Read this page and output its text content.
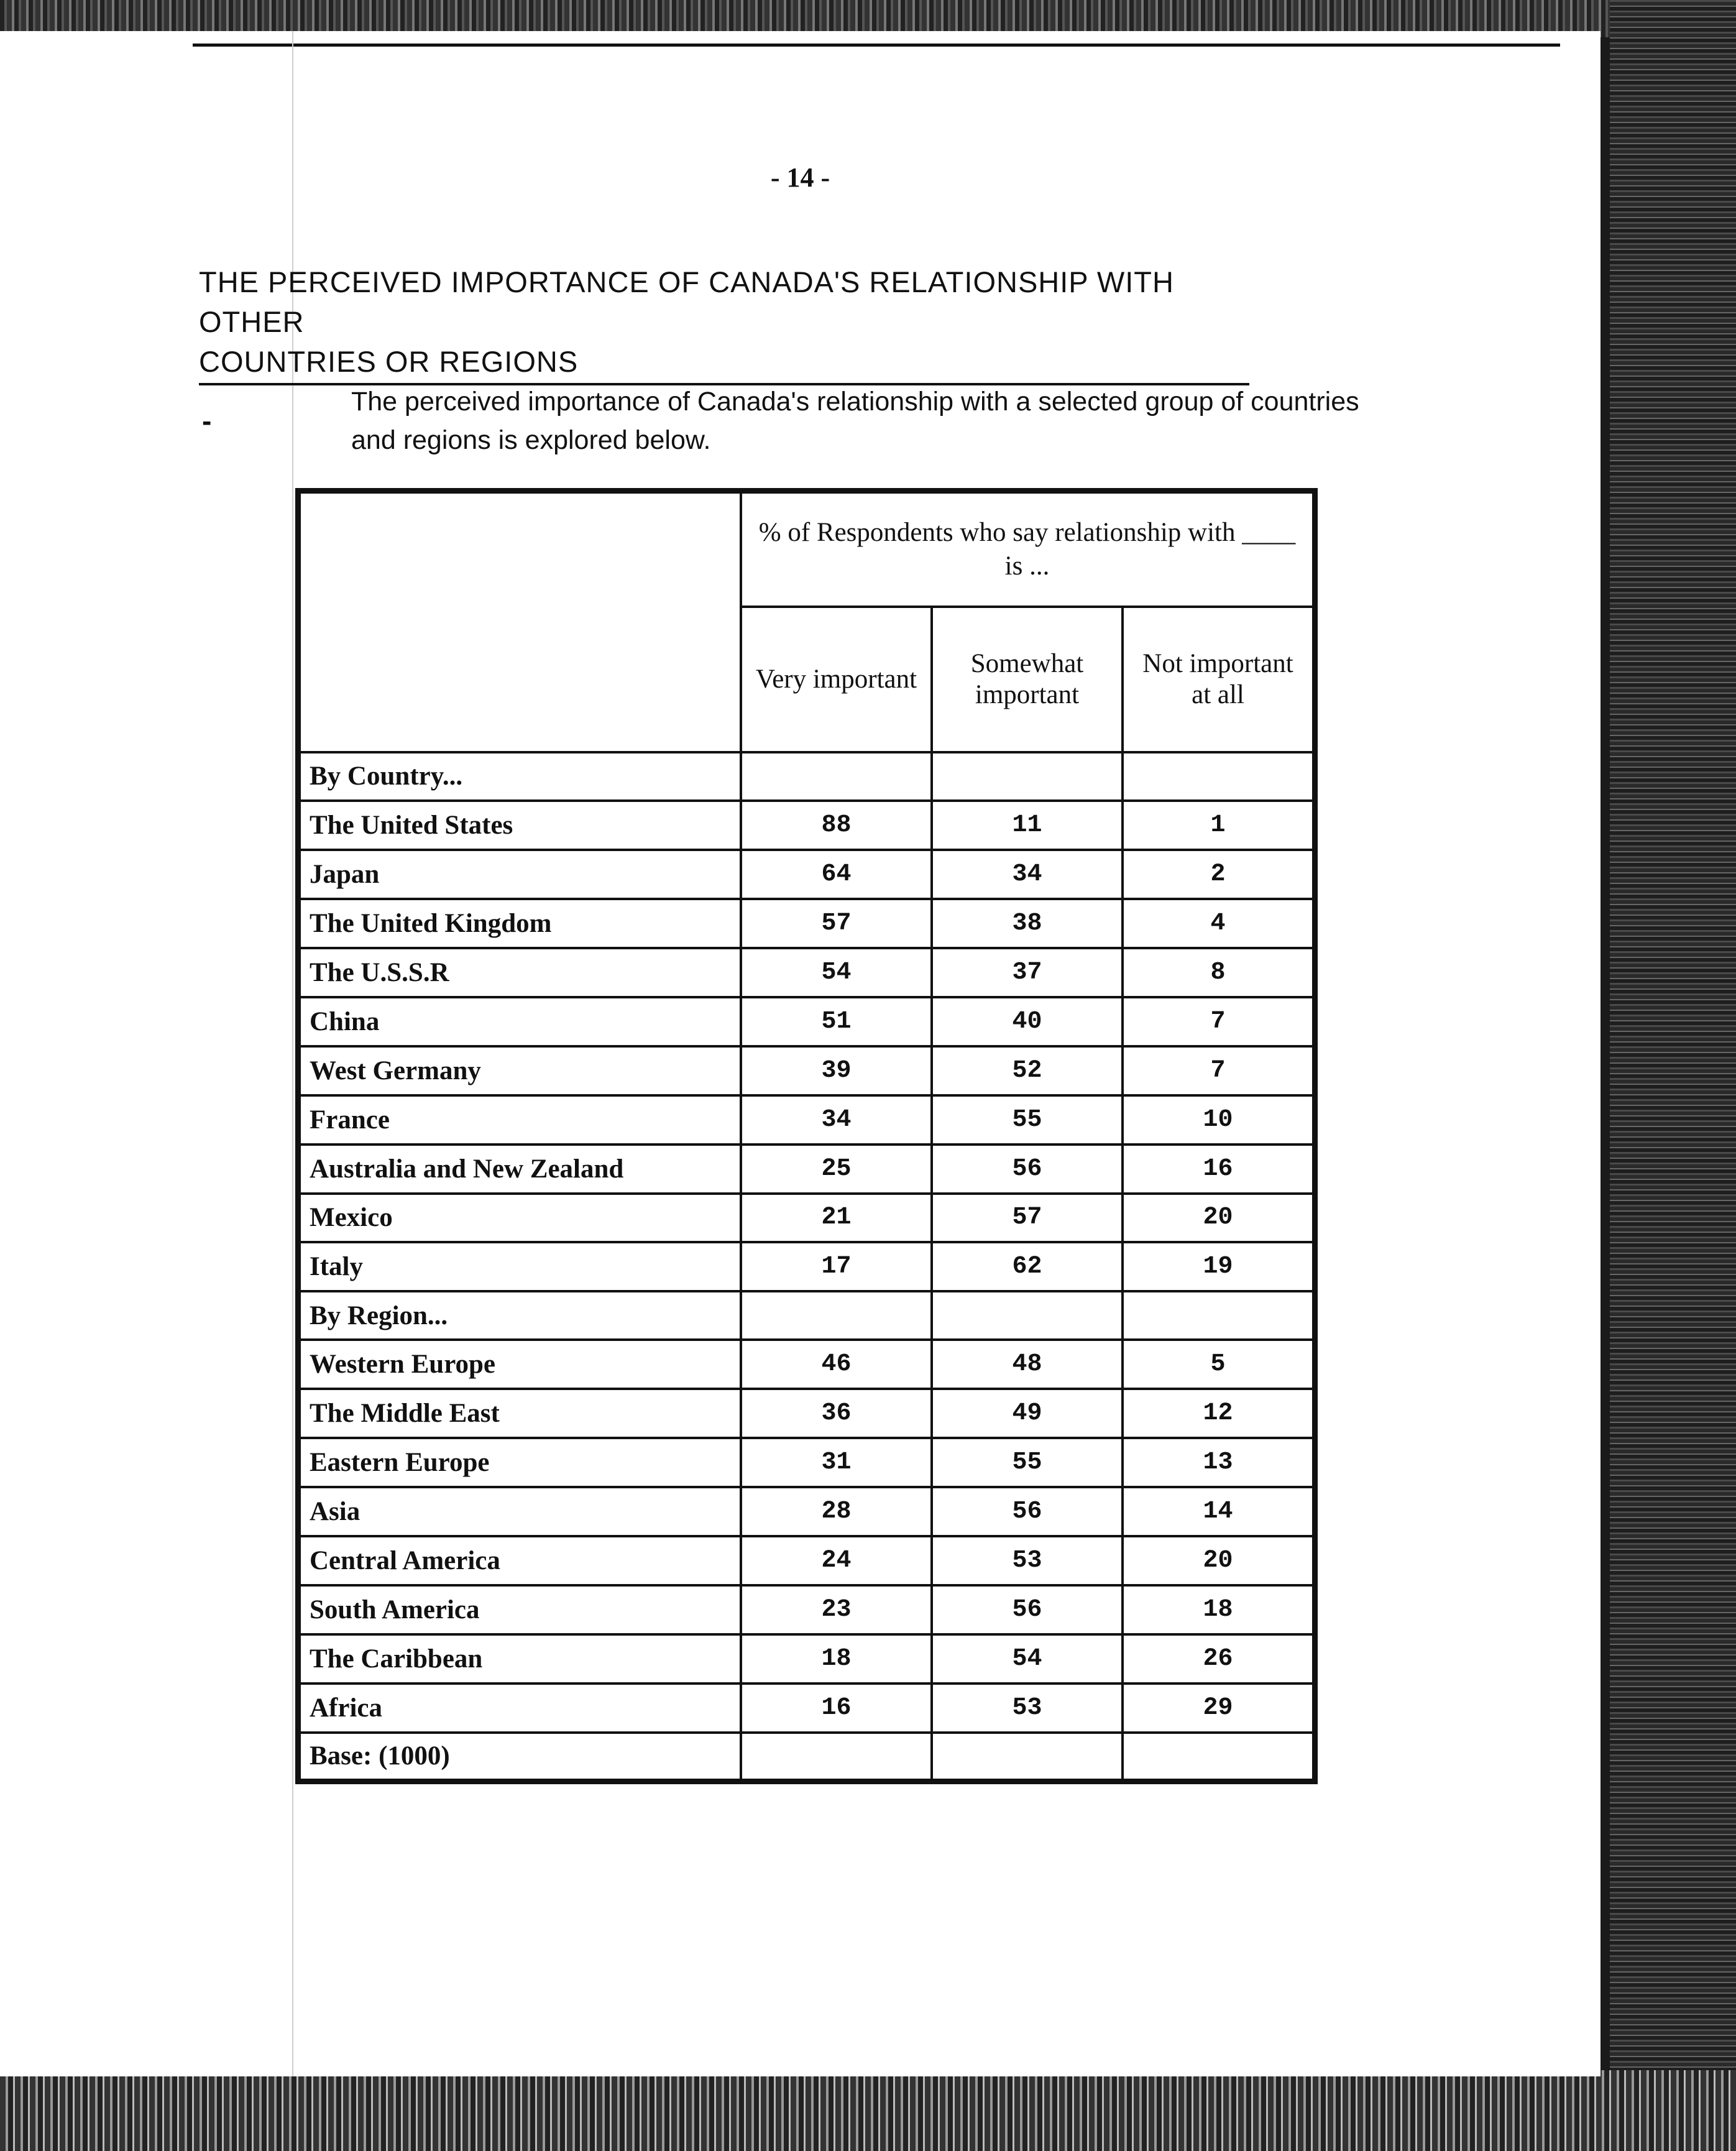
- 14 -
THE PERCEIVED IMPORTANCE OF CANADA'S RELATIONSHIP WITH OTHER
COUNTRIES OR REGIONS
-
The perceived importance of Canada's relationship with a selected group of countries and regions is explored below.
	% of Respondents who say relationship with ____ is ...		
	Very important	Somewhat important	Not important at all
By Country...			
The United States	88	11	1
Japan	64	34	2
The United Kingdom	57	38	4
The U.S.S.R	54	37	8
China	51	40	7
West Germany	39	52	7
France	34	55	10
Australia and New Zealand	25	56	16
Mexico	21	57	20
Italy	17	62	19
By Region...			
Western Europe	46	48	5
The Middle East	36	49	12
Eastern Europe	31	55	13
Asia	28	56	14
Central America	24	53	20
South America	23	56	18
The Caribbean	18	54	26
Africa	16	53	29
Base: (1000)			
